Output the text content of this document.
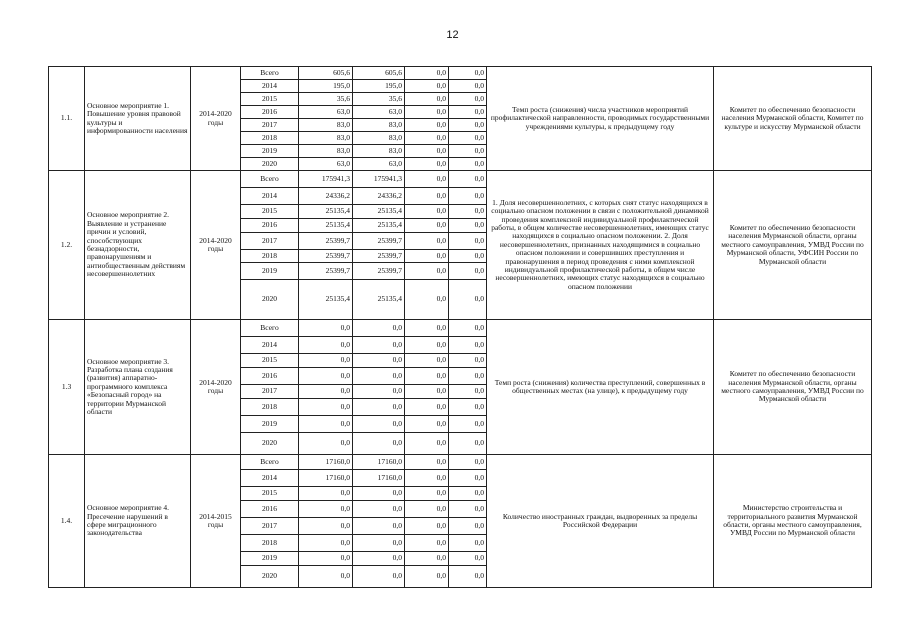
12
1.1.	Основное мероприятие 1. Повышение уровня правовой культуры и информированности населения	2014-2020 годы	Всего	605,6	605,6	0,0	0,0	Темп роста (снижения) числа участников мероприятий профилактической направленности, проводимых государственными учреждениями культуры, к предыдущему году	Комитет по обеспечению безопасности населения Мурманской области, Комитет по культуре и искусству Мурманской области
			2014	195,0	195,0	0,0	0,0		
			2015	35,6	35,6	0,0	0,0		
			2016	63,0	63,0	0,0	0,0		
			2017	83,0	83,0	0,0	0,0		
			2018	83,0	83,0	0,0	0,0		
			2019	83,0	83,0	0,0	0,0		
			2020	63,0	63,0	0,0	0,0		
1.2.	Основное мероприятие 2. Выявление и устранение причин и условий, способствующих безнадзорности, правонарушениям и антиобщественным действиям несовершеннолетних	2014-2020 годы	Всего	175941,3	175941,3	0,0	0,0	1. Доля несовершеннолетних, с которых снят статус находящихся в социально опасном положении в связи с положительной динамикой проведения комплексной индивидуальной профилактической работы, в общем количестве несовершеннолетних, имеющих статус находящихся в социально опасном положении. 2. Доля несовершеннолетних, признанных находящимися в социально опасном положении и совершивших преступления и правонарушения в период проведения с ними комплексной индивидуальной профилактической работы, в общем числе несовершеннолетних, имеющих статус находящихся в социально опасном положении	Комитет по обеспечению безопасности населения Мурманской области, органы местного самоуправления, УМВД России по Мурманской области, УФСИН России по Мурманской области
			2014	24336,2	24336,2	0,0	0,0		
			2015	25135,4	25135,4	0,0	0,0		
			2016	25135,4	25135,4	0,0	0,0		
			2017	25399,7	25399,7	0,0	0,0		
			2018	25399,7	25399,7	0,0	0,0		
			2019	25399,7	25399,7	0,0	0,0		
			2020	25135,4	25135,4	0,0	0,0		
1.3	Основное мероприятие 3. Разработка плана создания (развития) аппаратно-программного комплекса «Безопасный город» на территории Мурманской области	2014-2020 годы	Всего	0,0	0,0	0,0	0,0	Темп роста (снижения) количества преступлений, совершенных в общественных местах (на улице), к предыдущему году	Комитет по обеспечению безопасности населения Мурманской области, органы местного самоуправления, УМВД России по Мурманской области
			2014	0,0	0,0	0,0	0,0		
			2015	0,0	0,0	0,0	0,0		
			2016	0,0	0,0	0,0	0,0		
			2017	0,0	0,0	0,0	0,0		
			2018	0,0	0,0	0,0	0,0		
			2019	0,0	0,0	0,0	0,0		
			2020	0,0	0,0	0,0	0,0		
1.4.	Основное мероприятие 4. Пресечение нарушений в сфере миграционного законодательства	2014-2015 годы	Всего	17160,0	17160,0	0,0	0,0	Количество иностранных граждан, выдворенных за пределы Российской Федерации	Министерство строительства и территориального развития Мурманской области, органы местного самоуправления, УМВД России по Мурманской области
			2014	17160,0	17160,0	0,0	0,0		
			2015	0,0	0,0	0,0	0,0		
			2016	0,0	0,0	0,0	0,0		
			2017	0,0	0,0	0,0	0,0		
			2018	0,0	0,0	0,0	0,0		
			2019	0,0	0,0	0,0	0,0		
			2020	0,0	0,0	0,0	0,0		
